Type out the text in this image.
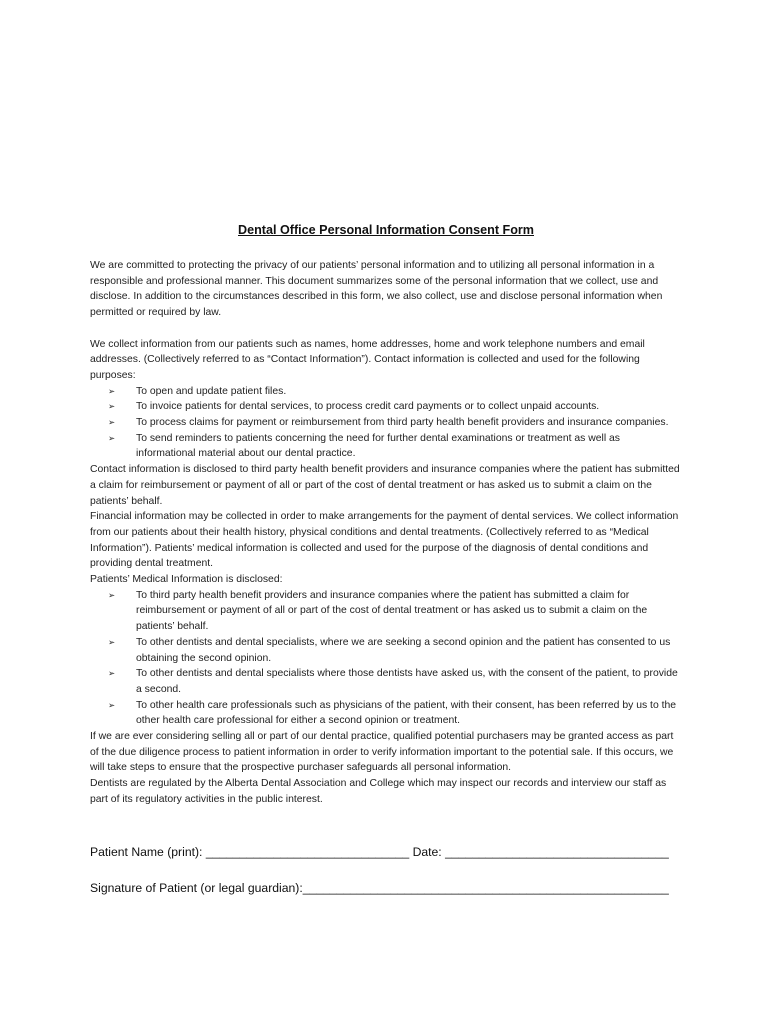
Dental Office Personal Information Consent Form

We are committed to protecting the privacy of our patients’ personal information and to utilizing all personal information in a responsible and professional manner. This document summarizes some of the personal information that we collect, use and disclose. In addition to the circumstances described in this form, we also collect, use and disclose personal information when permitted or required by law.

We collect information from our patients such as names, home addresses, home and work telephone numbers and email addresses. (Collectively referred to as “Contact Information”). Contact information is collected and used for the following purposes:

➢ To open and update patient files.
➢ To invoice patients for dental services, to process credit card payments or to collect unpaid accounts.
➢ To process claims for payment or reimbursement from third party health benefit providers and insurance companies.
➢ To send reminders to patients concerning the need for further dental examinations or treatment as well as informational material about our dental practice.

Contact information is disclosed to third party health benefit providers and insurance companies where the patient has submitted a claim for reimbursement or payment of all or part of the cost of dental treatment or has asked us to submit a claim on the patients’ behalf.

Financial information may be collected in order to make arrangements for the payment of dental services. We collect information from our patients about their health history, physical conditions and dental treatments. (Collectively referred to as “Medical Information”). Patients’ medical information is collected and used for the purpose of the diagnosis of dental conditions and providing dental treatment.

Patients’ Medical Information is disclosed:

➢ To third party health benefit providers and insurance companies where the patient has submitted a claim for reimbursement or payment of all or part of the cost of dental treatment or has asked us to submit a claim on the patients’ behalf.
➢ To other dentists and dental specialists, where we are seeking a second opinion and the patient has consented to us obtaining the second opinion.
➢ To other dentists and dental specialists where those dentists have asked us, with the consent of the patient, to provide a second.
➢ To other health care professionals such as physicians of the patient, with their consent, has been referred by us to the other health care professional for either a second opinion or treatment.

If we are ever considering selling all or part of our dental practice, qualified potential purchasers may be granted access as part of the due diligence process to patient information in order to verify information important to the potential sale. If this occurs, we will take steps to ensure that the prospective purchaser safeguards all personal information.

Dentists are regulated by the Alberta Dental Association and College which may inspect our records and interview our staff as part of its regulatory activities in the public interest.

Patient Name (print): ______________________________ Date: _________________________________

Signature of Patient (or legal guardian):______________________________________________________
